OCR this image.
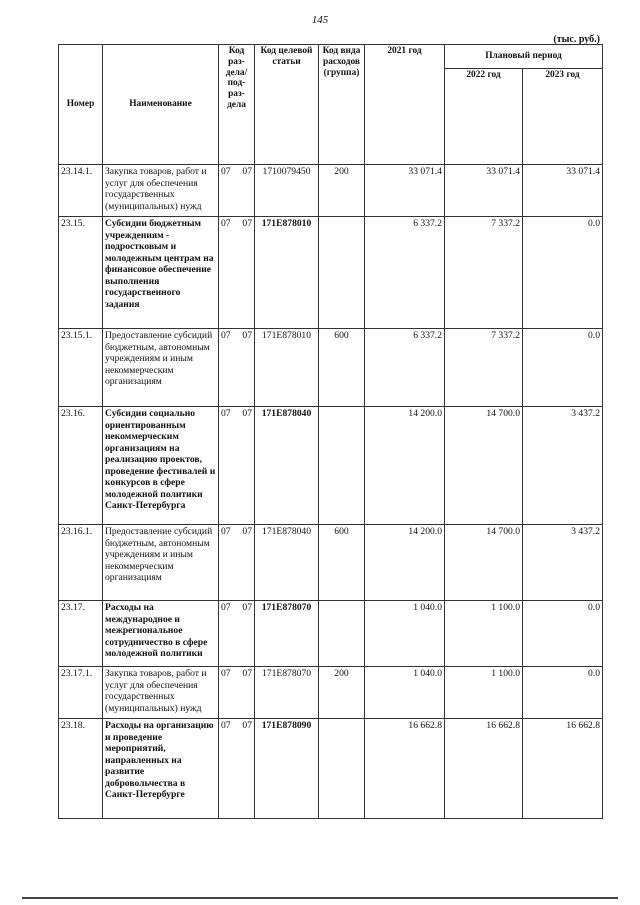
145
(тыс. руб.)
Номер	Наименование	Код раз- дела/ под- раз- дела	Код целевой статьи	Код вида расходов (группа)	2021 год	Плановый период	
						2022 год	2023 год
23.14.1.	Закупка товаров, работ и услуг для обеспечения государственных (муниципальных) нужд	07 07	1710079450	200	33 071.4	33 071.4	33 071.4
23.15.	Субсидии бюджетным учреждениям - подростковым и молодежным центрам на финансовое обеспечение выполнения государственного задания	07 07	171E878010		6 337.2	7 337.2	0.0
23.15.1.	Предоставление субсидий бюджетным, автономным учреждениям и иным некоммерческим организациям	07 07	171E878010	600	6 337.2	7 337.2	0.0
23.16.	Субсидии социально ориентированным некоммерческим организациям на реализацию проектов, проведение фестивалей и конкурсов в сфере молодежной политики Санкт-Петербурга	07 07	171E878040		14 200.0	14 700.0	3 437.2
23.16.1.	Предоставление субсидий бюджетным, автономным учреждениям и иным некоммерческим организациям	07 07	171E878040	600	14 200.0	14 700.0	3 437.2
23.17.	Расходы на международное и межрегиональное сотрудничество в сфере молодежной политики	07 07	171E878070		1 040.0	1 100.0	0.0
23.17.1.	Закупка товаров, работ и услуг для обеспечения государственных (муниципальных) нужд	07 07	171E878070	200	1 040.0	1 100.0	0.0
23.18.	Расходы на организацию и проведение мероприятий, направленных на развитие добровольчества в Санкт-Петербурге	07 07	171E878090		16 662.8	16 662.8	16 662.8
